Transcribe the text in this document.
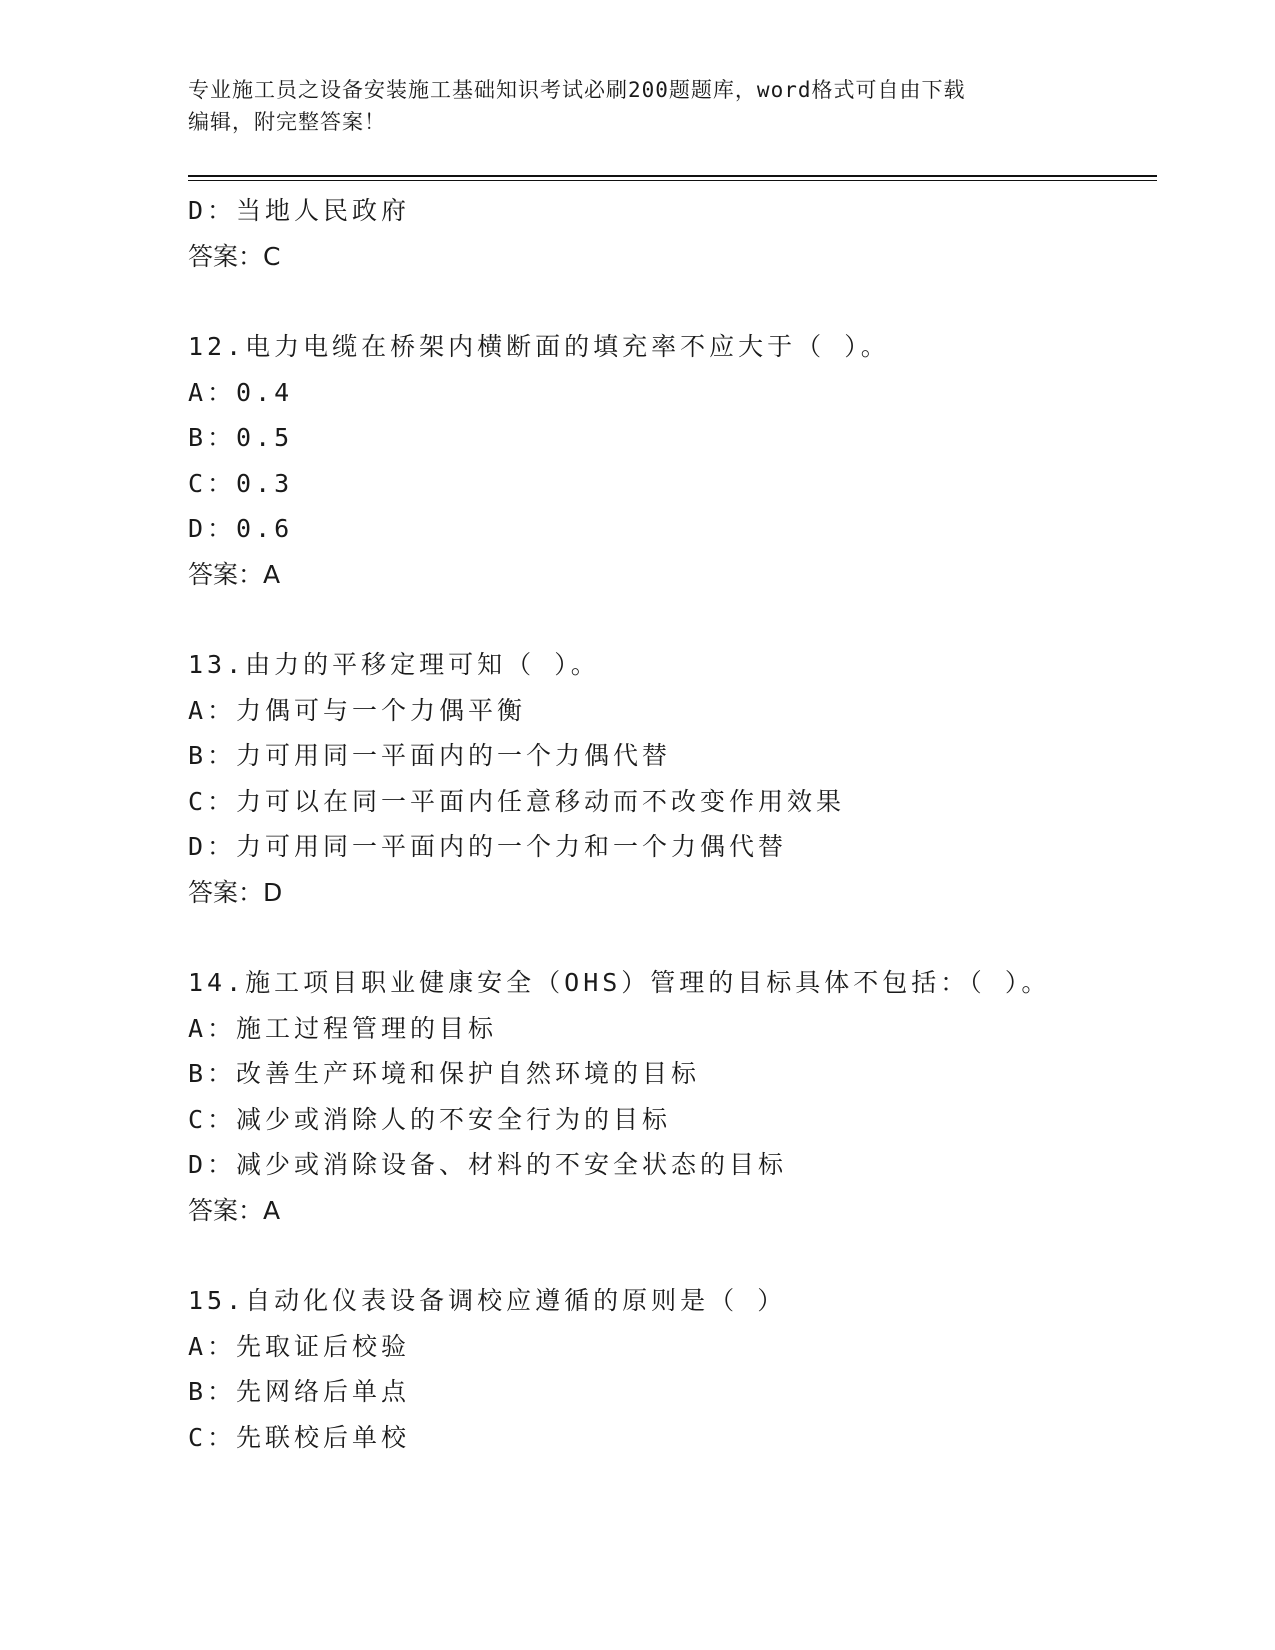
专业施工员之设备安装施工基础知识考试必刷200题题库，word格式可自由下载
编辑，附完整答案！
D：当地人民政府
答案：C
12.电力电缆在桥架内横断面的填充率不应大于（ ）。
A：0.4
B：0.5
C：0.3
D：0.6
答案：A
13.由力的平移定理可知（ ）。
A：力偶可与一个力偶平衡
B：力可用同一平面内的一个力偶代替
C：力可以在同一平面内任意移动而不改变作用效果
D：力可用同一平面内的一个力和一个力偶代替
答案：D
14.施工项目职业健康安全（OHS）管理的目标具体不包括：（ ）。
A：施工过程管理的目标
B：改善生产环境和保护自然环境的目标
C：减少或消除人的不安全行为的目标
D：减少或消除设备、材料的不安全状态的目标
答案：A
15.自动化仪表设备调校应遵循的原则是（ ）
A：先取证后校验
B：先网络后单点
C：先联校后单校
